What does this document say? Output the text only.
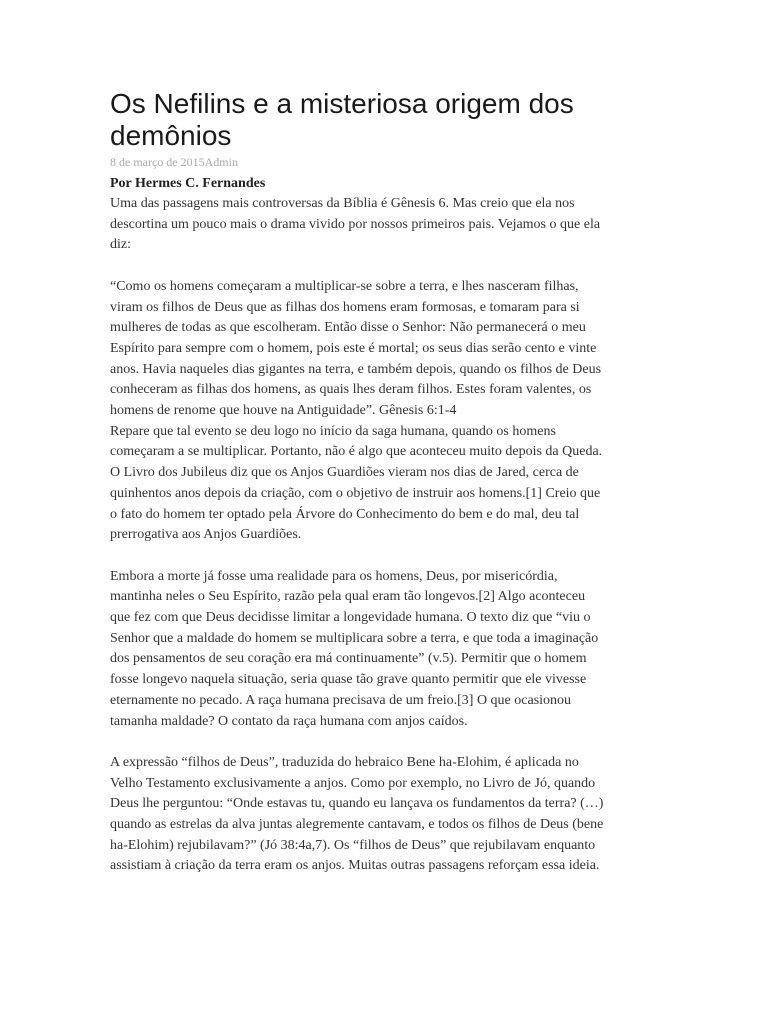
Os Nefilins e a misteriosa origem dos demônios
8 de março de 2015Admin

Por Hermes C. Fernandes

Uma das passagens mais controversas da Bíblia é Gênesis 6. Mas creio que ela nos
descortina um pouco mais o drama vivido por nossos primeiros pais. Vejamos o que ela
diz:

“Como os homens começaram a multiplicar-se sobre a terra, e lhes nasceram filhas,
viram os filhos de Deus que as filhas dos homens eram formosas, e tomaram para si
mulheres de todas as que escolheram. Então disse o Senhor: Não permanecerá o meu
Espírito para sempre com o homem, pois este é mortal; os seus dias serão cento e vinte
anos. Havia naqueles dias gigantes na terra, e também depois, quando os filhos de Deus
conheceram as filhas dos homens, as quais lhes deram filhos. Estes foram valentes, os
homens de renome que houve na Antiguidade”. Gênesis 6:1-4

Repare que tal evento se deu logo no início da saga humana, quando os homens
começaram a se multiplicar. Portanto, não é algo que aconteceu muito depois da Queda.
O Livro dos Jubileus diz que os Anjos Guardiões vieram nos dias de Jared, cerca de
quinhentos anos depois da criação, com o objetivo de instruir aos homens.[1] Creio que
o fato do homem ter optado pela Árvore do Conhecimento do bem e do mal, deu tal
prerrogativa aos Anjos Guardiões.

Embora a morte já fosse uma realidade para os homens, Deus, por misericórdia,
mantinha neles o Seu Espírito, razão pela qual eram tão longevos.[2] Algo aconteceu
que fez com que Deus decidisse limitar a longevidade humana. O texto diz que “viu o
Senhor que a maldade do homem se multiplicara sobre a terra, e que toda a imaginação
dos pensamentos de seu coração era má continuamente” (v.5). Permitir que o homem
fosse longevo naquela situação, seria quase tão grave quanto permitir que ele vivesse
eternamente no pecado. A raça humana precisava de um freio.[3] O que ocasionou
tamanha maldade? O contato da raça humana com anjos caídos.

A expressão “filhos de Deus”, traduzida do hebraico Bene ha-Elohim, é aplicada no
Velho Testamento exclusivamente a anjos. Como por exemplo, no Livro de Jó, quando
Deus lhe perguntou: “Onde estavas tu, quando eu lançava os fundamentos da terra? (…)
quando as estrelas da alva juntas alegremente cantavam, e todos os filhos de Deus (bene
ha-Elohim) rejubilavam?” (Jó 38:4a,7). Os “filhos de Deus” que rejubilavam enquanto
assistiam à criação da terra eram os anjos. Muitas outras passagens reforçam essa ideia.
